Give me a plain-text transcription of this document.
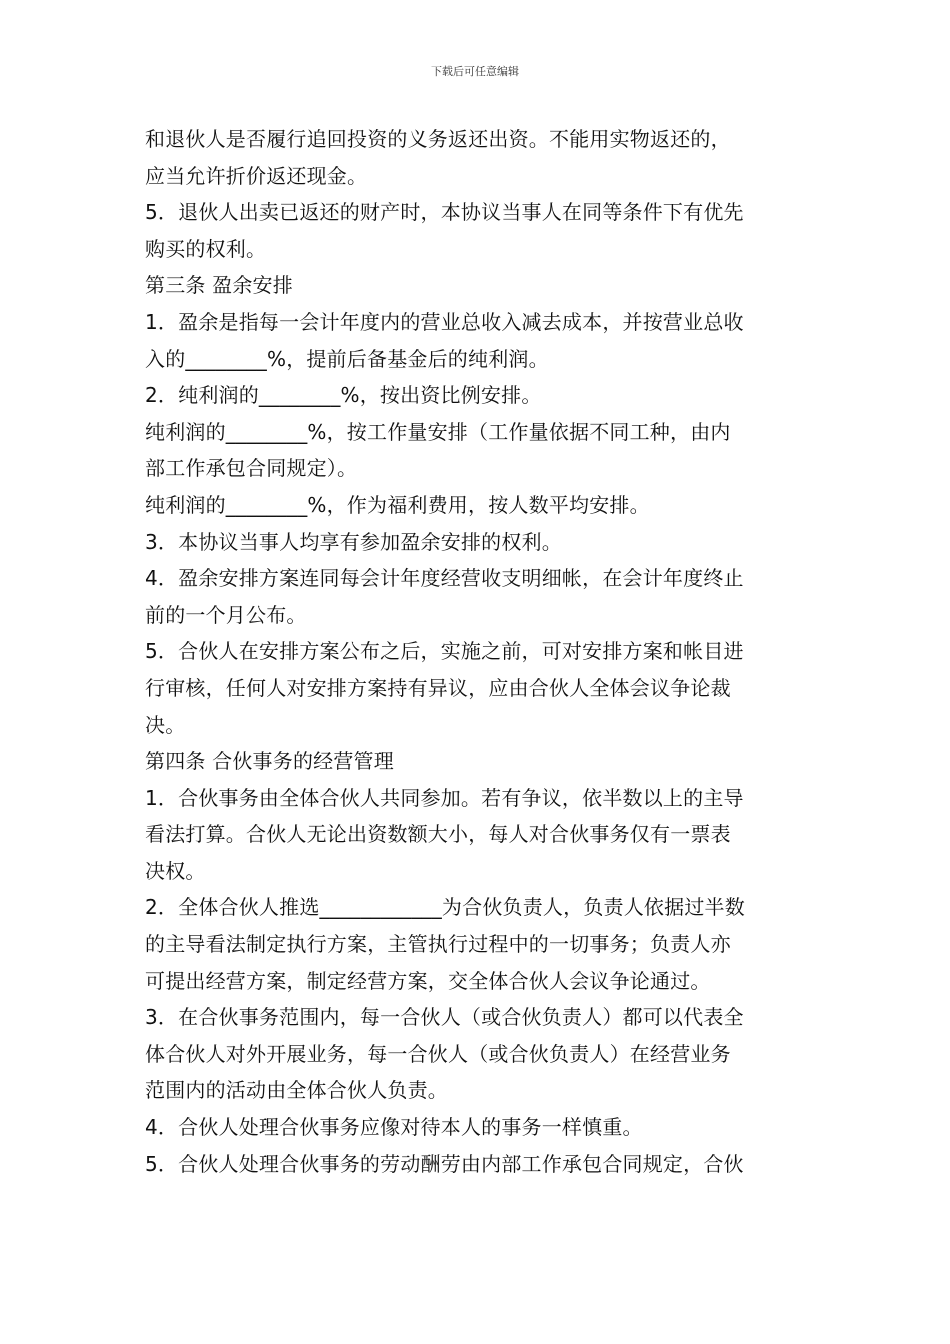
下载后可任意编辑
和退伙人是否履行追回投资的义务返还出资。不能用实物返还的，
应当允许折价返还现金。
5．退伙人出卖已返还的财产时，本协议当事人在同等条件下有优先
购买的权利。
第三条 盈余安排
1．盈余是指每一会计年度内的营业总收入减去成本，并按营业总收
入的________%，提前后备基金后的纯利润。
2．纯利润的________%，按出资比例安排。
纯利润的________%，按工作量安排（工作量依据不同工种，由内
部工作承包合同规定）。
纯利润的________%，作为福利费用，按人数平均安排。
3．本协议当事人均享有参加盈余安排的权利。
4．盈余安排方案连同每会计年度经营收支明细帐，在会计年度终止
前的一个月公布。
5．合伙人在安排方案公布之后，实施之前，可对安排方案和帐目进
行审核，任何人对安排方案持有异议，应由合伙人全体会议争论裁
决。
第四条 合伙事务的经营管理
1．合伙事务由全体合伙人共同参加。若有争议，依半数以上的主导
看法打算。合伙人无论出资数额大小，每人对合伙事务仅有一票表
决权。
2．全体合伙人推选____________为合伙负责人，负责人依据过半数
的主导看法制定执行方案，主管执行过程中的一切事务；负责人亦
可提出经营方案，制定经营方案，交全体合伙人会议争论通过。
3．在合伙事务范围内，每一合伙人（或合伙负责人）都可以代表全
体合伙人对外开展业务，每一合伙人（或合伙负责人）在经营业务
范围内的活动由全体合伙人负责。
4．合伙人处理合伙事务应像对待本人的事务一样慎重。
5．合伙人处理合伙事务的劳动酬劳由内部工作承包合同规定，合伙
